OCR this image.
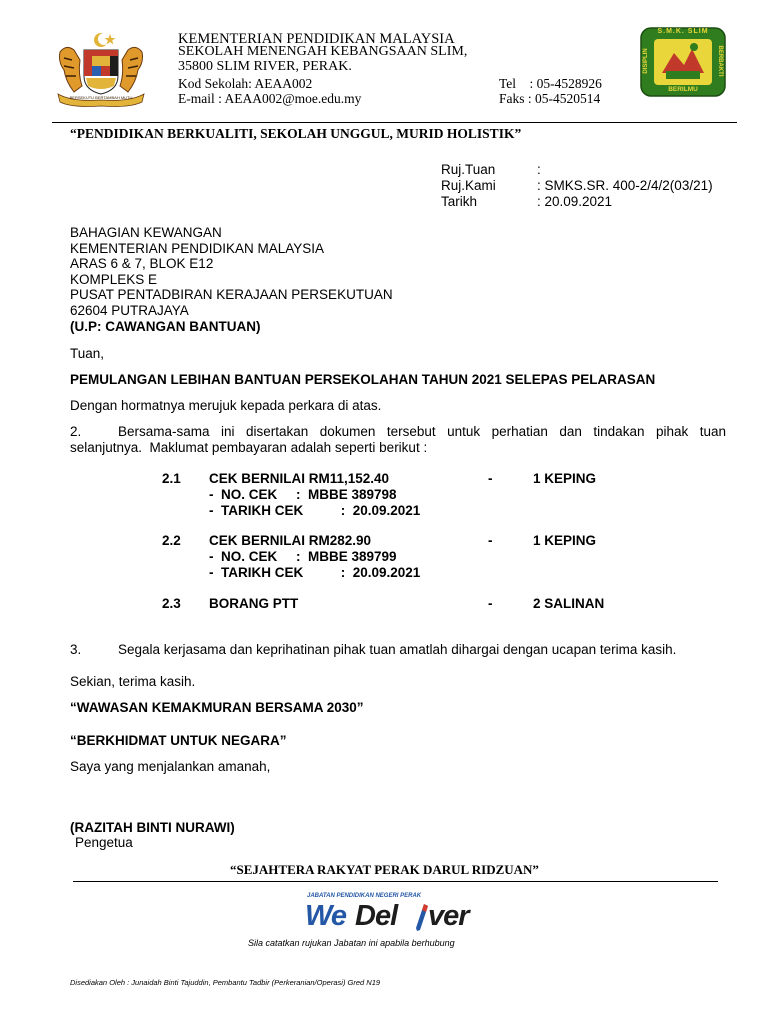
BERSEKUTU BERTAMBAH MUTU
KEMENTERIAN PENDIDIKAN MALAYSIA
SEKOLAH MENENGAH KEBANGSAAN SLIM,
35800 SLIM RIVER, PERAK.
Kod Sekolah: AEAA002
E-mail : AEAA002@moe.edu.my
Tel    : 05-4528926
Faks : 05-4520514
S.M.K. SLIM
BERILMU
DISIPLIN	BERBAKTI
“PENDIDIKAN BERKUALITI, SEKOLAH UNGGUL, MURID HOLISTIK”
Ruj.Tuan	:
Ruj.Kami	: SMKS.SR. 400-2/4/2(03/21)
Tarikh	: 20.09.2021
BAHAGIAN KEWANGAN
KEMENTERIAN PENDIDIKAN MALAYSIA
ARAS 6 & 7, BLOK E12
KOMPLEKS E
PUSAT PENTADBIRAN KERAJAAN PERSEKUTUAN
62604 PUTRAJAYA
(U.P: CAWANGAN BANTUAN)
Tuan,
PEMULANGAN LEBIHAN BANTUAN PERSEKOLAHAN TAHUN 2021 SELEPAS PELARASAN
Dengan hormatnya merujuk kepada perkara di atas.
2.	Bersama-sama ini disertakan dokumen tersebut untuk perhatian dan tindakan pihak tuan
selanjutnya.  Maklumat pembayaran adalah seperti berikut :
2.1 CEK BERNILAI RM11,152.40	-	1 KEPING
-  NO. CEK     :  MBBE 389798
-  TARIKH CEK          :  20.09.2021
2.2 CEK BERNILAI RM282.90	-	1 KEPING
-  NO. CEK     :  MBBE 389799
-  TARIKH CEK          :  20.09.2021
2.3 BORANG PTT	-	2 SALINAN
3.	Segala kerjasama dan keprihatinan pihak tuan amatlah dihargai dengan ucapan terima kasih.
Sekian, terima kasih.
“WAWASAN KEMAKMURAN BERSAMA 2030”
“BERKHIDMAT UNTUK NEGARA”
Saya yang menjalankan amanah,
(RAZITAH BINTI NURAWI)
Pengetua
“SEJAHTERA RAKYAT PERAK DARUL RIDZUAN”
JABATAN PENDIDIKAN NEGERI PERAK
We Del ver
Sila catatkan rujukan Jabatan ini apabila berhubung
Disediakan Oleh : Junaidah Binti Tajuddin, Pembantu Tadbir (Perkeranian/Operasi) Gred N19
